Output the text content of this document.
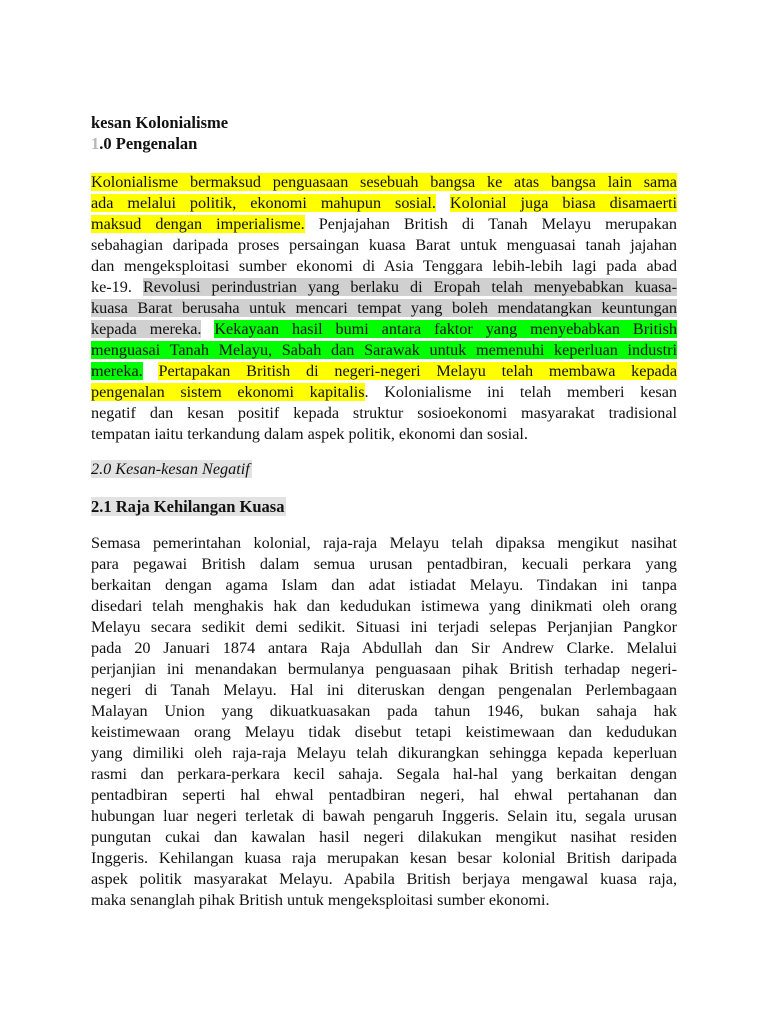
kesan Kolonialisme
1.0 Pengenalan
Kolonialisme bermaksud penguasaan sesebuah bangsa ke atas bangsa lain sama
ada melalui politik, ekonomi mahupun sosial. Kolonial juga biasa disamaerti
maksud dengan imperialisme. Penjajahan British di Tanah Melayu merupakan
sebahagian daripada proses persaingan kuasa Barat untuk menguasai tanah jajahan
dan mengeksploitasi sumber ekonomi di Asia Tenggara lebih-lebih lagi pada abad
ke-19. Revolusi perindustrian yang berlaku di Eropah telah menyebabkan kuasa-
kuasa Barat berusaha untuk mencari tempat yang boleh mendatangkan keuntungan
kepada mereka. Kekayaan hasil bumi antara faktor yang menyebabkan British
menguasai Tanah Melayu, Sabah dan Sarawak untuk memenuhi keperluan industri
mereka. Pertapakan British di negeri-negeri Melayu telah membawa kepada
pengenalan sistem ekonomi kapitalis. Kolonialisme ini telah memberi kesan
negatif dan kesan positif kepada struktur sosioekonomi masyarakat tradisional
tempatan iaitu terkandung dalam aspek politik, ekonomi dan sosial.
2.0 Kesan-kesan Negatif
2.1 Raja Kehilangan Kuasa
Semasa pemerintahan kolonial, raja-raja Melayu telah dipaksa mengikut nasihat
para pegawai British dalam semua urusan pentadbiran, kecuali perkara yang
berkaitan dengan agama Islam dan adat istiadat Melayu. Tindakan ini tanpa
disedari telah menghakis hak dan kedudukan istimewa yang dinikmati oleh orang
Melayu secara sedikit demi sedikit. Situasi ini terjadi selepas Perjanjian Pangkor
pada 20 Januari 1874 antara Raja Abdullah dan Sir Andrew Clarke. Melalui
perjanjian ini menandakan bermulanya penguasaan pihak British terhadap negeri-
negeri di Tanah Melayu. Hal ini diteruskan dengan pengenalan Perlembagaan
Malayan Union yang dikuatkuasakan pada tahun 1946, bukan sahaja hak
keistimewaan orang Melayu tidak disebut tetapi keistimewaan dan kedudukan
yang dimiliki oleh raja-raja Melayu telah dikurangkan sehingga kepada keperluan
rasmi dan perkara-perkara kecil sahaja. Segala hal-hal yang berkaitan dengan
pentadbiran seperti hal ehwal pentadbiran negeri, hal ehwal pertahanan dan
hubungan luar negeri terletak di bawah pengaruh Inggeris. Selain itu, segala urusan
pungutan cukai dan kawalan hasil negeri dilakukan mengikut nasihat residen
Inggeris. Kehilangan kuasa raja merupakan kesan besar kolonial British daripada
aspek politik masyarakat Melayu. Apabila British berjaya mengawal kuasa raja,
maka senanglah pihak British untuk mengeksploitasi sumber ekonomi.
